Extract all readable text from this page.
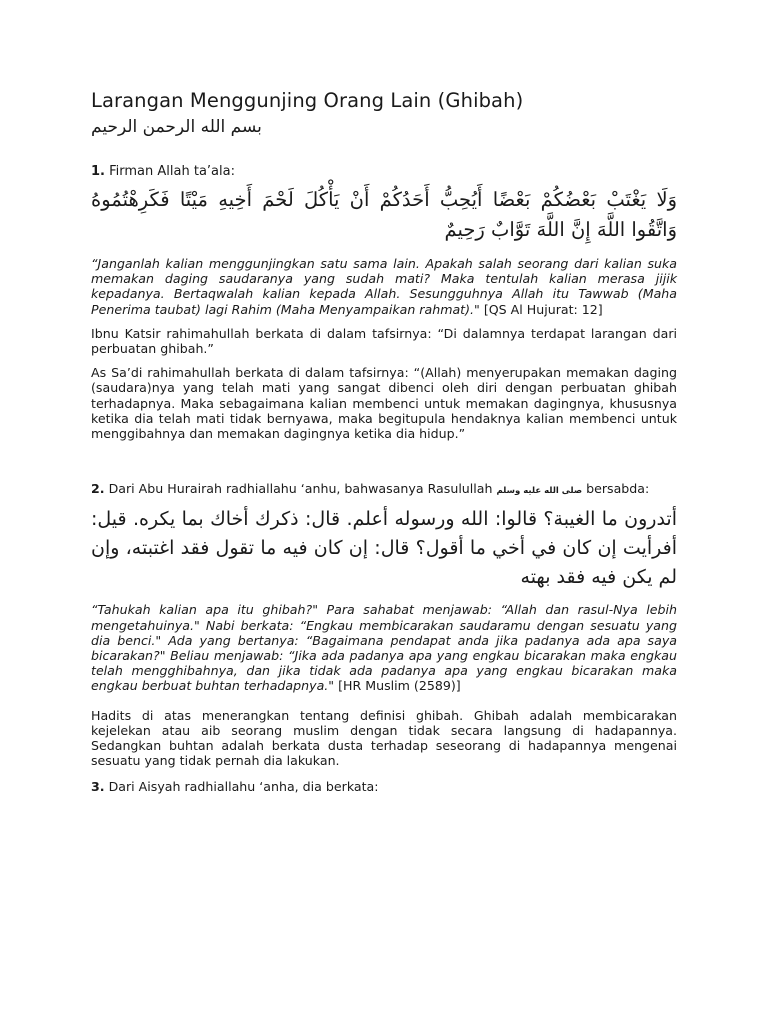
Larangan Menggunjing Orang Lain (Ghibah)
بسم الله الرحمن الرحيم
1. Firman Allah ta’ala:
وَلَا يَغْتَبْ بَعْضُكُمْ بَعْضًا أَيُحِبُّ أَحَدُكُمْ أَنْ يَأْكُلَ لَحْمَ أَخِيهِ مَيْتًا فَكَرِهْتُمُوهُ وَاتَّقُوا اللَّهَ إِنَّ اللَّهَ تَوَّابٌ رَحِيمٌ

“Janganlah kalian menggunjingkan satu sama lain. Apakah salah seorang dari kalian suka memakan daging saudaranya yang sudah mati? Maka tentulah kalian merasa jijik kepadanya. Bertaqwalah kalian kepada Allah. Sesungguhnya Allah itu Tawwab (Maha Penerima taubat) lagi Rahim (Maha Menyampaikan rahmat)." [QS Al Hujurat: 12]

Ibnu Katsir rahimahullah berkata di dalam tafsirnya: “Di dalamnya terdapat larangan dari perbuatan ghibah.”

As Sa’di rahimahullah berkata di dalam tafsirnya: “(Allah) menyerupakan memakan daging (saudara)nya yang telah mati yang sangat dibenci oleh diri dengan perbuatan ghibah terhadapnya. Maka sebagaimana kalian membenci untuk memakan dagingnya, khususnya ketika dia telah mati tidak bernyawa, maka begitupula hendaknya kalian membenci untuk menggibahnya dan memakan dagingnya ketika dia hidup.”

2. Dari Abu Hurairah radhiallahu ‘anhu, bahwasanya Rasulullah صلى الله عليه وسلم bersabda:

أتدرون ما الغيبة؟ قالوا: الله ورسوله أعلم. قال: ذكرك أخاك بما يكره. قيل: أفرأيت إن كان في أخي ما أقول؟ قال: إن كان فيه ما تقول فقد اغتبته، وإن لم يكن فيه فقد بهته

“Tahukah kalian apa itu ghibah?" Para sahabat menjawab: “Allah dan rasul-Nya lebih mengetahuinya." Nabi berkata: “Engkau membicarakan saudaramu dengan sesuatu yang dia benci." Ada yang bertanya: “Bagaimana pendapat anda jika padanya ada apa saya bicarakan?" Beliau menjawab: “Jika ada padanya apa yang engkau bicarakan maka engkau telah mengghibahnya, dan jika tidak ada padanya apa yang engkau bicarakan maka engkau berbuat buhtan terhadapnya." [HR Muslim (2589)]

Hadits di atas menerangkan tentang definisi ghibah. Ghibah adalah membicarakan kejelekan atau aib seorang muslim dengan tidak secara langsung di hadapannya. Sedangkan buhtan adalah berkata dusta terhadap seseorang di hadapannya mengenai sesuatu yang tidak pernah dia lakukan.

3. Dari Aisyah radhiallahu ‘anha, dia berkata:
